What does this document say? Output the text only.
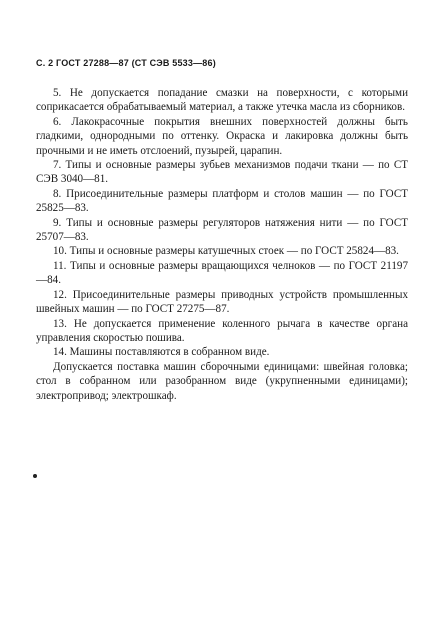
С. 2 ГОСТ 27288—87 (СТ СЭВ 5533—86)

5. Не допускается попадание смазки на поверхности, с которыми соприкасается обрабатываемый материал, а также утечка масла из сборников.

6. Лакокрасочные покрытия внешних поверхностей должны быть гладкими, однородными по оттенку. Окраска и лакировка должны быть прочными и не иметь отслоений, пузырей, царапин.

7. Типы и основные размеры зубьев механизмов подачи ткани — по СТ СЭВ 3040—81.

8. Присоединительные размеры платформ и столов машин — по ГОСТ 25825—83.

9. Типы и основные размеры регуляторов натяжения нити — по ГОСТ 25707—83.

10. Типы и основные размеры катушечных стоек — по ГОСТ 25824—83.

11. Типы и основные размеры вращающихся челноков — по ГОСТ 21197—84.

12. Присоединительные размеры приводных устройств промышленных швейных машин — по ГОСТ 27275—87.

13. Не допускается применение коленного рычага в качестве органа управления скоростью пошива.

14. Машины поставляются в собранном виде.

Допускается поставка машин сборочными единицами: швейная головка; стол в собранном или разобранном виде (укрупненными единицами); электропривод; электрошкаф.
